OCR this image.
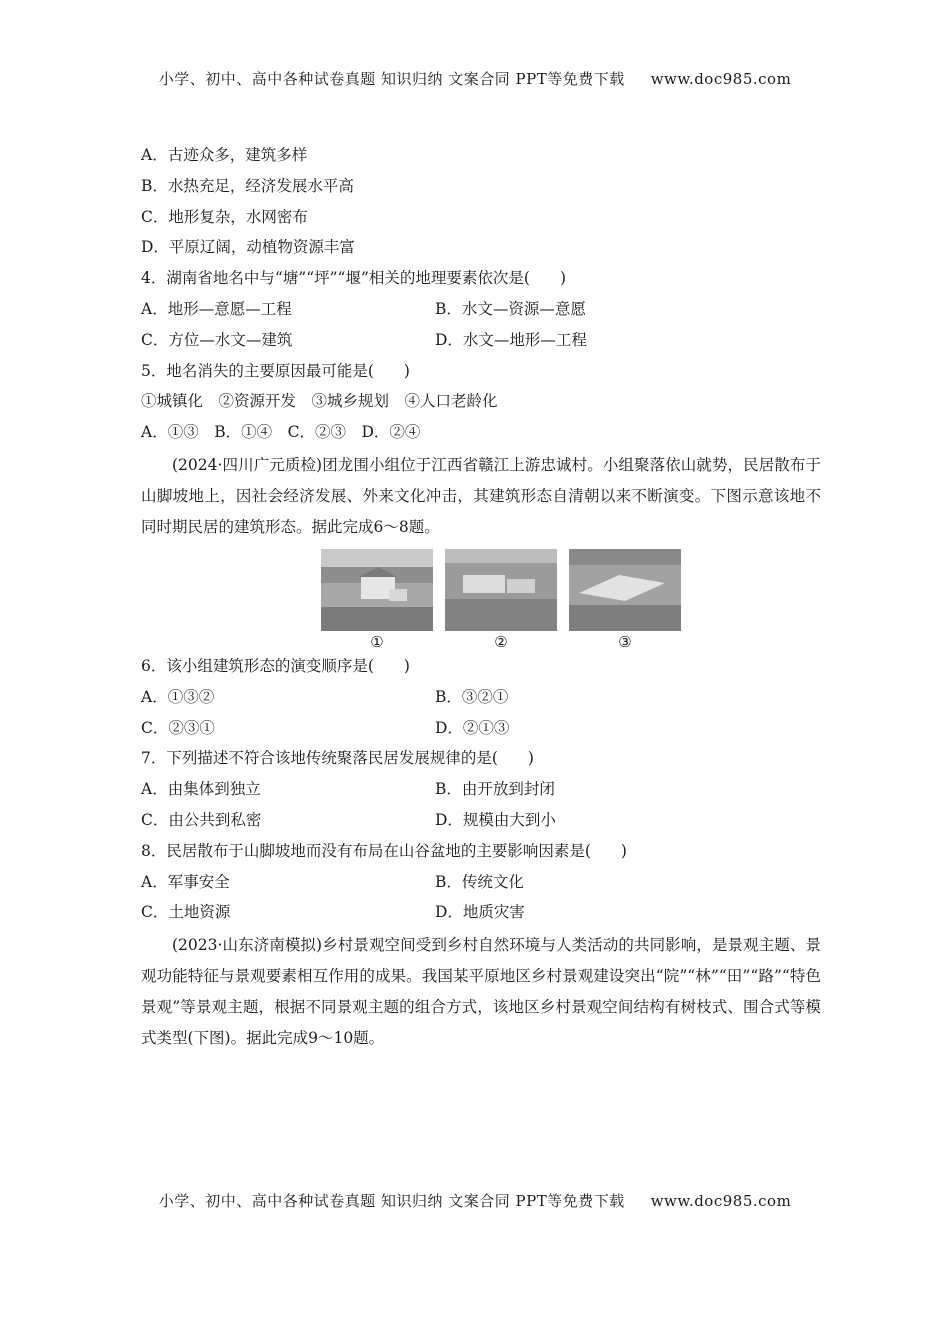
小学、初中、高中各种试卷真题 知识归纳 文案合同 PPT等免费下载 www.doc985.com
A．古迹众多，建筑多样
B．水热充足，经济发展水平高
C．地形复杂，水网密布
D．平原辽阔，动植物资源丰富
4．湖南省地名中与“塘”“坪”“堰”相关的地理要素依次是( )
A．地形—意愿—工程	B．水文—资源—意愿
C．方位—水文—建筑	D．水文—地形—工程
5．地名消失的主要原因最可能是( )
①城镇化　②资源开发　③城乡规划　④人口老龄化
A．①③　B．①④　C．②③　D．②④

(2024·四川广元质检)团龙围小组位于江西省赣江上游忠诚村。小组聚落依山就势，民居散布于山脚坡地上，因社会经济发展、外来文化冲击，其建筑形态自清朝以来不断演变。下图示意该地不同时期民居的建筑形态。据此完成6～8题。

①	②	③
6．该小组建筑形态的演变顺序是( )
A．①③②	B．③②①
C．②③①	D．②①③
7．下列描述不符合该地传统聚落民居发展规律的是( )
A．由集体到独立	B．由开放到封闭
C．由公共到私密	D．规模由大到小
8．民居散布于山脚坡地而没有布局在山谷盆地的主要影响因素是( )
A．军事安全	B．传统文化
C．土地资源	D．地质灾害

(2023·山东济南模拟)乡村景观空间受到乡村自然环境与人类活动的共同影响，是景观主题、景观功能特征与景观要素相互作用的成果。我国某平原地区乡村景观建设突出“院”“林”“田”“路”“特色景观”等景观主题，根据不同景观主题的组合方式，该地区乡村景观空间结构有树枝式、围合式等模式类型(下图)。据此完成9～10题。

小学、初中、高中各种试卷真题 知识归纳 文案合同 PPT等免费下载 www.doc985.com
